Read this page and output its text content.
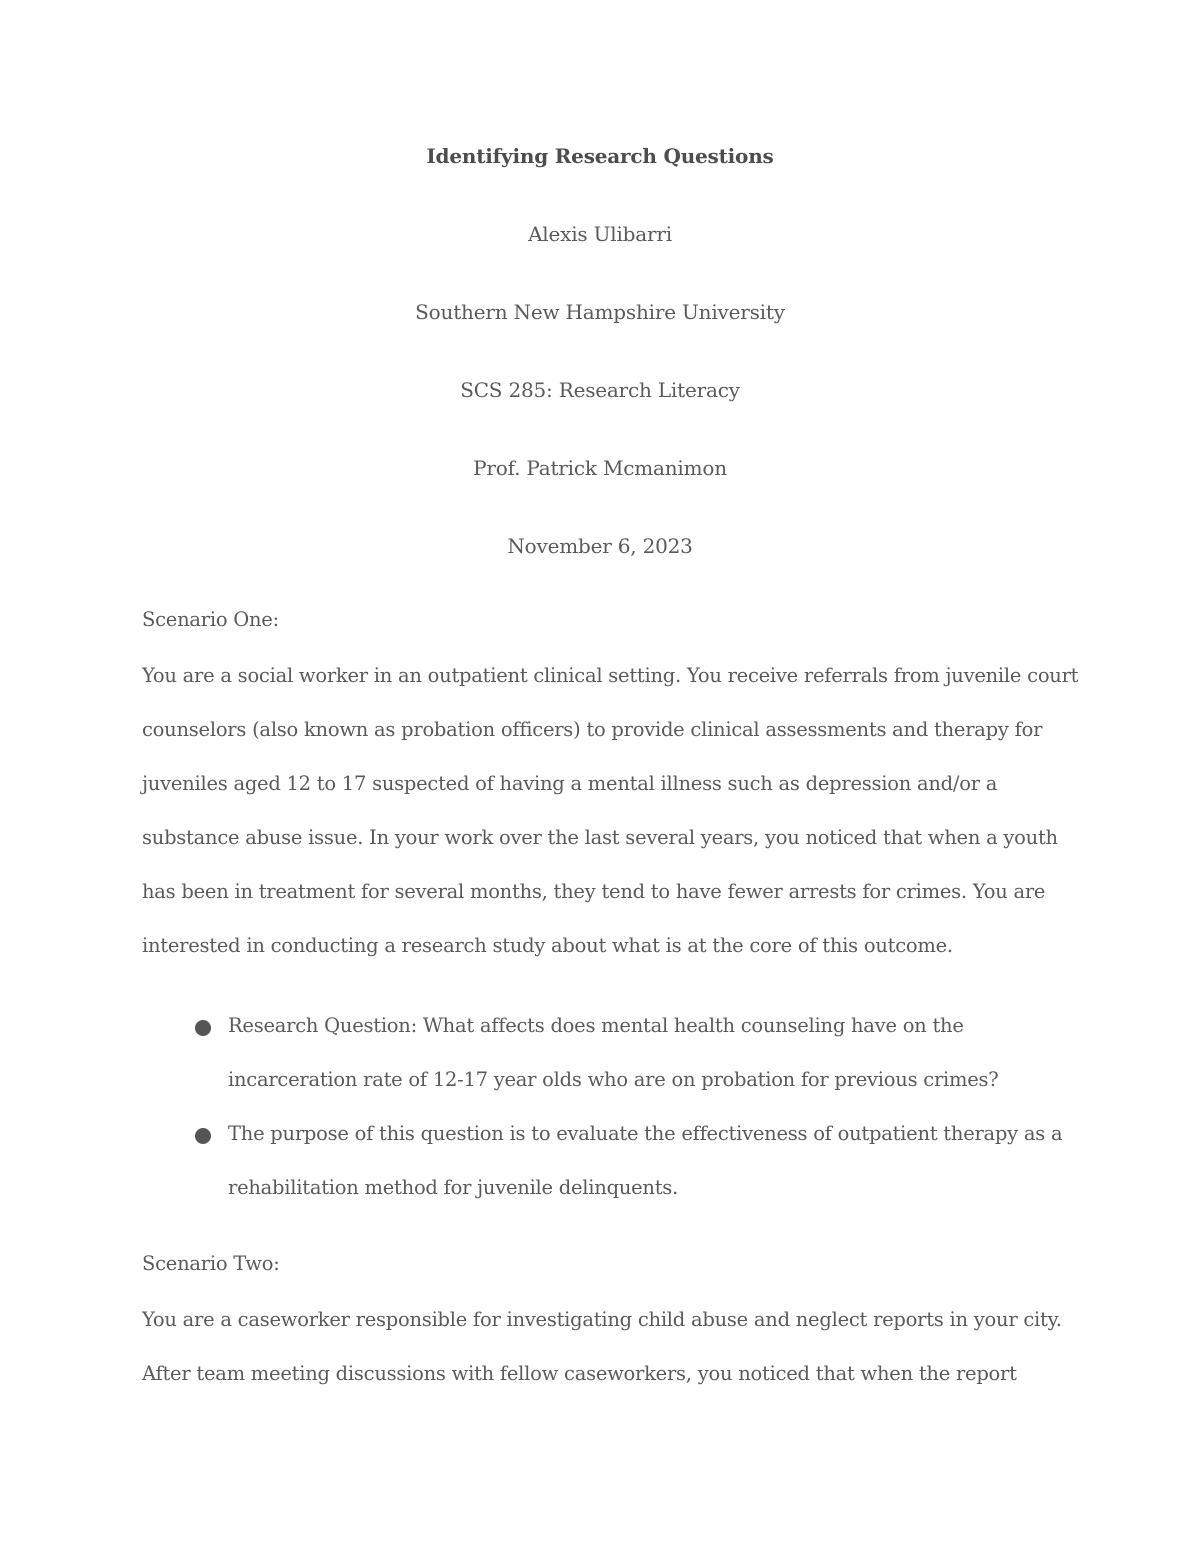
Identifying Research Questions
Alexis Ulibarri
Southern New Hampshire University
SCS 285: Research Literacy
Prof. Patrick Mcmanimon
November 6, 2023
Scenario One:
You are a social worker in an outpatient clinical setting. You receive referrals from juvenile court
counselors (also known as probation officers) to provide clinical assessments and therapy for
juveniles aged 12 to 17 suspected of having a mental illness such as depression and/or a
substance abuse issue. In your work over the last several years, you noticed that when a youth
has been in treatment for several months, they tend to have fewer arrests for crimes. You are
interested in conducting a research study about what is at the core of this outcome.
Research Question: What affects does mental health counseling have on the
incarceration rate of 12-17 year olds who are on probation for previous crimes?
The purpose of this question is to evaluate the effectiveness of outpatient therapy as a
rehabilitation method for juvenile delinquents.
Scenario Two:
You are a caseworker responsible for investigating child abuse and neglect reports in your city.
After team meeting discussions with fellow caseworkers, you noticed that when the report
